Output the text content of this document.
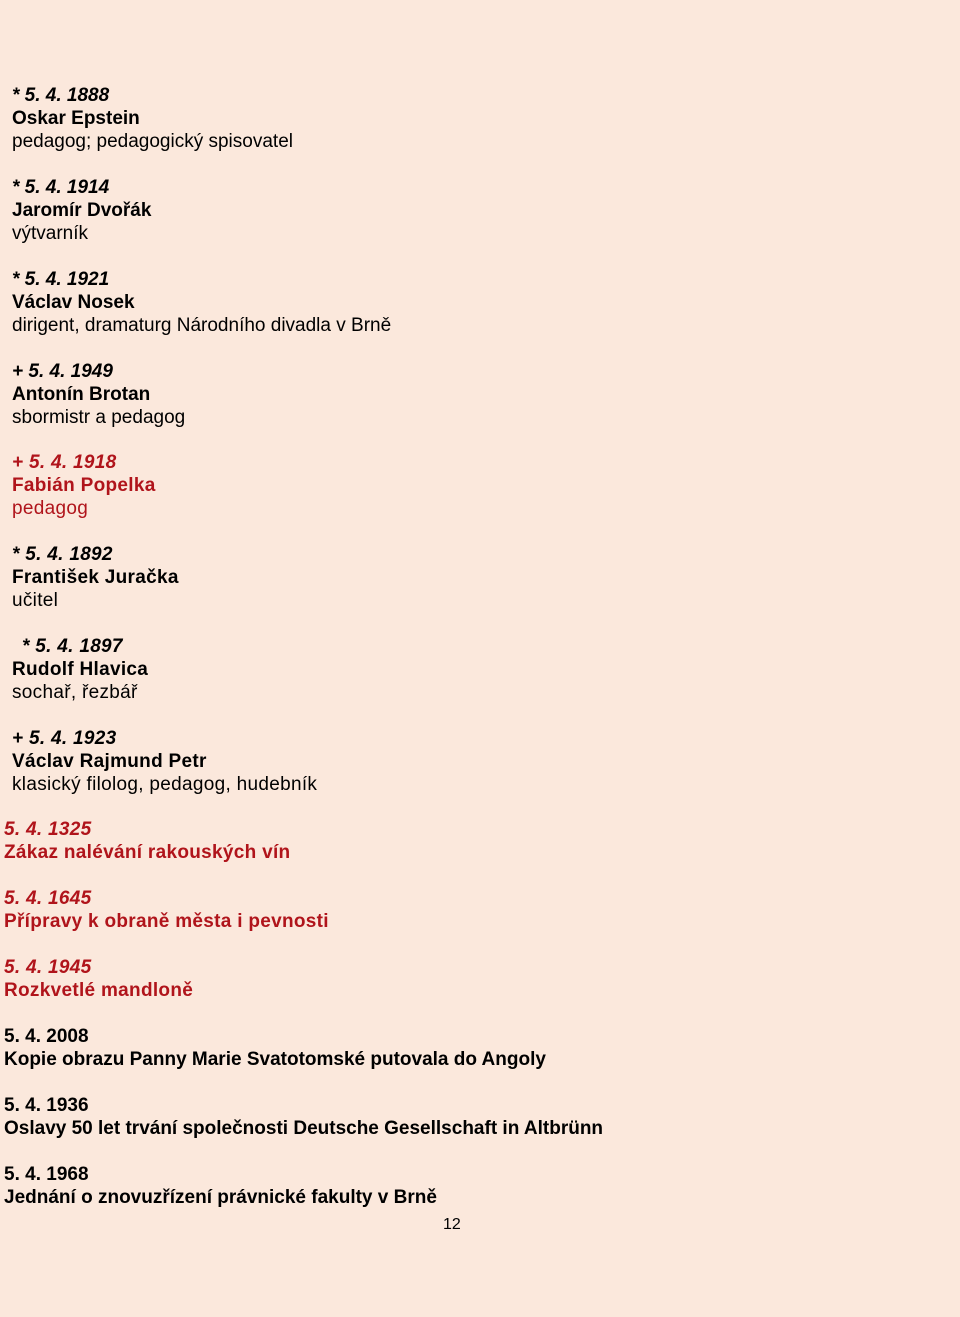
* 5. 4. 1888
Oskar Epstein
pedagog; pedagogický spisovatel
* 5. 4. 1914
Jaromír Dvořák
výtvarník
* 5. 4. 1921
Václav Nosek
dirigent, dramaturg Národního divadla v Brně
+ 5. 4. 1949
Antonín Brotan
sbormistr a pedagog
+ 5. 4. 1918
Fabián Popelka
pedagog
* 5. 4. 1892
František Juračka
učitel
* 5. 4. 1897
Rudolf Hlavica
sochař, řezbář
+ 5. 4. 1923
Václav Rajmund Petr
klasický filolog, pedagog, hudebník
5. 4. 1325
Zákaz nalévání rakouských vín
5. 4. 1645
Přípravy k obraně města i pevnosti
5. 4. 1945
Rozkvetlé mandloně
5. 4. 2008
Kopie obrazu Panny Marie Svatotomské putovala do Angoly
5. 4. 1936
Oslavy 50 let trvání společnosti Deutsche Gesellschaft in Altbrünn
5. 4. 1968
Jednání o znovuzřízení právnické fakulty v Brně
12
